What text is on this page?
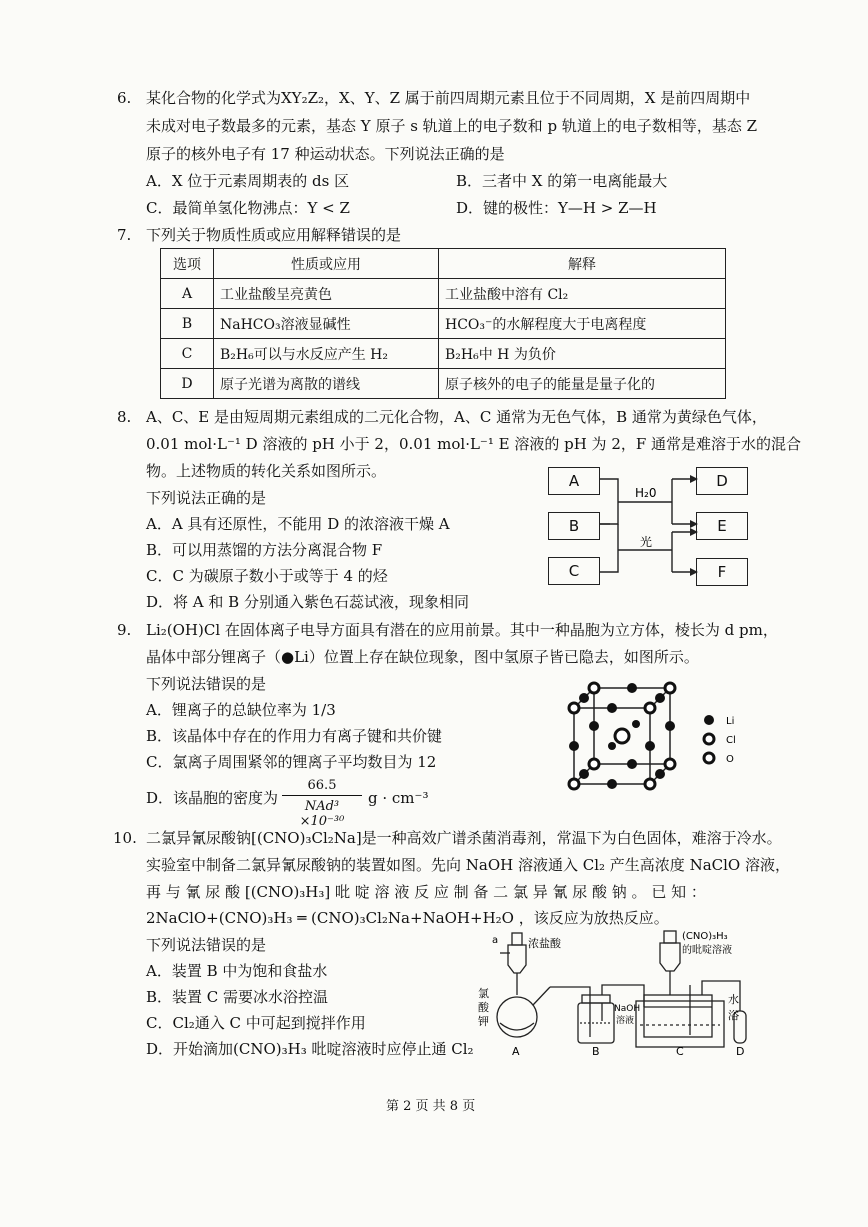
6. 某化合物的化学式为XY₂Z₂，X、Y、Z 属于前四周期元素且位于不同周期，X 是前四周期中
未成对电子数最多的元素，基态 Y 原子 s 轨道上的电子数和 p 轨道上的电子数相等，基态 Z
原子的核外电子有 17 种运动状态。下列说法正确的是
A．X 位于元素周期表的 ds 区	B．三者中 X 的第一电离能最大
C．最简单氢化物沸点：Y < Z	D．键的极性：Y—H > Z—H
7. 下列关于物质性质或应用解释错误的是
选项	性质或应用	解释
A	工业盐酸呈亮黄色	工业盐酸中溶有 Cl₂
B	NaHCO₃溶液显碱性	HCO₃⁻的水解程度大于电离程度
C	B₂H₆可以与水反应产生 H₂	B₂H₆中 H 为负价
D	原子光谱为离散的谱线	原子核外的电子的能量是量子化的
8. A、C、E 是由短周期元素组成的二元化合物，A、C 通常为无色气体，B 通常为黄绿色气体，
0.01 mol·L⁻¹ D 溶液的 pH 小于 2，0.01 mol·L⁻¹ E 溶液的 pH 为 2，F 通常是难溶于水的混合
物。上述物质的转化关系如图所示。
下列说法正确的是
A．A 具有还原性，不能用 D 的浓溶液干燥 A
B．可以用蒸馏的方法分离混合物 F
C．C 为碳原子数小于或等于 4 的烃
D．将 A 和 B 分别通入紫色石蕊试液，现象相同
H₂0
光
A
B
C
D
E
F
9. Li₂(OH)Cl 在固体离子电导方面具有潜在的应用前景。其中一种晶胞为立方体，棱长为 d pm，
晶体中部分锂离子（●Li）位置上存在缺位现象，图中氢原子皆已隐去，如图所示。
下列说法错误的是
A．锂离子的总缺位率为 1/3
B．该晶体中存在的作用力有离子键和共价键
C．氯离子周围紧邻的锂离子平均数目为 12
D．该晶胞的密度为
66.5
NAd³ ×10⁻³⁰
g · cm⁻³
Li
Cl
O
10. 二氯异氰尿酸钠[(CNO)₃Cl₂Na]是一种高效广谱杀菌消毒剂，常温下为白色固体，难溶于冷水。
实验室中制备二氯异氰尿酸钠的装置如图。先向 NaOH 溶液通入 Cl₂ 产生高浓度 NaClO 溶液，
再 与 氰 尿 酸 [(CNO)₃H₃] 吡 啶 溶 液 反 应 制 备 二 氯 异 氰 尿 酸 钠 。 已 知 ：
2NaClO+(CNO)₃H₃ ═ (CNO)₃Cl₂Na+NaOH+H₂O ，该反应为放热反应。
下列说法错误的是
A．装置 B 中为饱和食盐水
B．装置 C 需要冰水浴控温
C．Cl₂通入 C 中可起到搅拌作用
D．开始滴加(CNO)₃H₃ 吡啶溶液时应停止通 Cl₂
a	浓盐酸
氯
酸
钾
(CNO)₃H₃
的吡啶溶液
NaOH
溶液
水
浴
A	B	C	D
第 2 页 共 8 页
